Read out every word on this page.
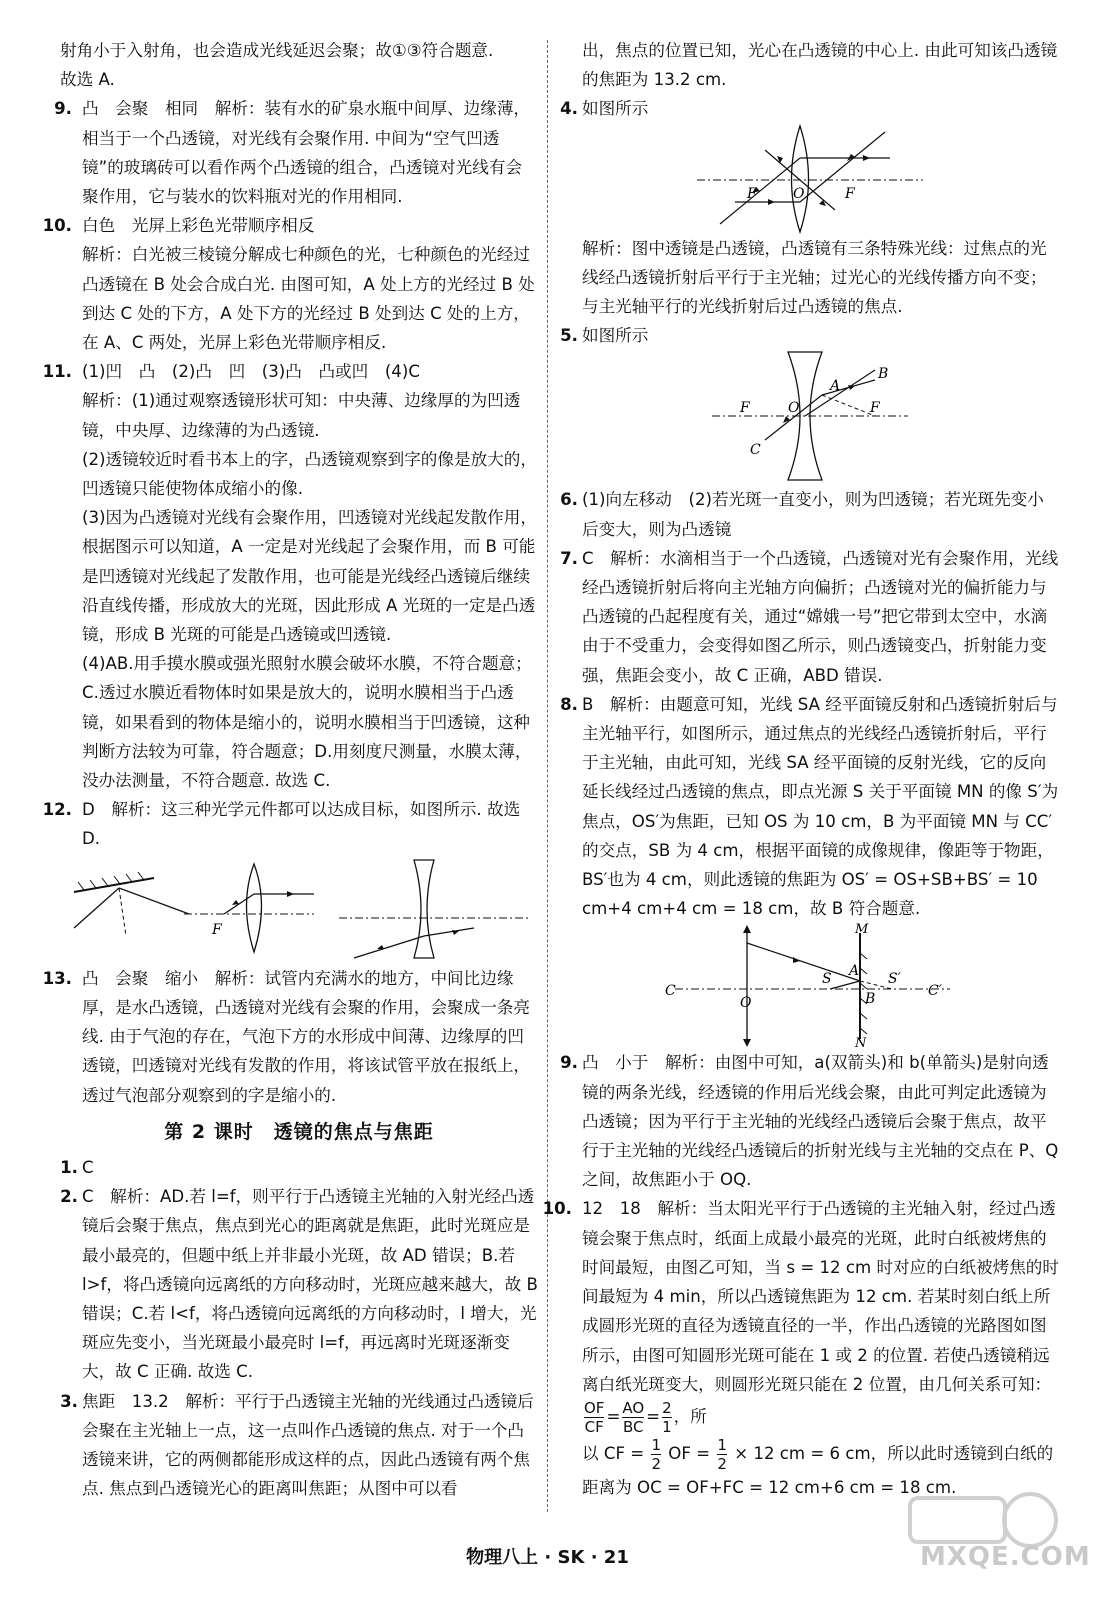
射角小于入射角，也会造成光线延迟会聚；故①③符合题意.

故选 A.

9. 凸　会聚　相同　解析：装有水的矿泉水瓶中间厚、边缘薄，相当于一个凸透镜，对光线有会聚作用. 中间为“空气凹透镜”的玻璃砖可以看作两个凸透镜的组合，凸透镜对光线有会聚作用，它与装水的饮料瓶对光的作用相同.

10. 白色　光屏上彩色光带顺序相反

解析：白光被三棱镜分解成七种颜色的光，七种颜色的光经过凸透镜在 B 处会合成白光. 由图可知，A 处上方的光经过 B 处到达 C 处的下方，A 处下方的光经过 B 处到达 C 处的上方，在 A、C 两处，光屏上彩色光带顺序相反.

11. (1)凹　凸　(2)凸　凹　(3)凸　凸或凹　(4)C

解析：(1)通过观察透镜形状可知：中央薄、边缘厚的为凹透镜，中央厚、边缘薄的为凸透镜.

(2)透镜较近时看书本上的字，凸透镜观察到字的像是放大的，凹透镜只能使物体成缩小的像.

(3)因为凸透镜对光线有会聚作用，凹透镜对光线起发散作用，根据图示可以知道，A 一定是对光线起了会聚作用，而 B 可能是凹透镜对光线起了发散作用，也可能是光线经凸透镜后继续沿直线传播，形成放大的光斑，因此形成 A 光斑的一定是凸透镜，形成 B 光斑的可能是凸透镜或凹透镜.

(4)AB.用手摸水膜或强光照射水膜会破坏水膜，不符合题意；C.透过水膜近看物体时如果是放大的，说明水膜相当于凸透镜，如果看到的物体是缩小的，说明水膜相当于凹透镜，这种判断方法较为可靠，符合题意；D.用刻度尺测量，水膜太薄，没办法测量，不符合题意. 故选 C.

12. D　解析：这三种光学元件都可以达成目标，如图所示. 故选 D.

F
13. 凸　会聚　缩小　解析：试管内充满水的地方，中间比边缘厚，是水凸透镜，凸透镜对光线有会聚的作用，会聚成一条亮线. 由于气泡的存在，气泡下方的水形成中间薄、边缘厚的凹透镜，凹透镜对光线有发散的作用，将该试管平放在报纸上，透过气泡部分观察到的字是缩小的.

第 2 课时　透镜的焦点与焦距
1. C

2. C　解析：AD.若 l=f，则平行于凸透镜主光轴的入射光经凸透镜后会聚于焦点，焦点到光心的距离就是焦距，此时光斑应是最小最亮的，但题中纸上并非最小光斑，故 AD 错误；B.若l>f，将凸透镜向远离纸的方向移动时，光斑应越来越大，故 B 错误；C.若 l<f，将凸透镜向远离纸的方向移动时，l 增大，光斑应先变小，当光斑最小最亮时 l=f，再远离时光斑逐渐变大，故 C 正确. 故选 C.

3. 焦距　13.2　解析：平行于凸透镜主光轴的光线通过凸透镜后会聚在主光轴上一点，这一点叫作凸透镜的焦点. 对于一个凸透镜来讲，它的两侧都能形成这样的点，因此凸透镜有两个焦点. 焦点到凸透镜光心的距离叫焦距；从图中可以看

出，焦点的位置已知，光心在凸透镜的中心上. 由此可知该凸透镜的焦距为 13.2 cm.

4. 如图所示

F	O	F

解析：图中透镜是凸透镜，凸透镜有三条特殊光线：过焦点的光线经凸透镜折射后平行于主光轴；过光心的光线传播方向不变；与主光轴平行的光线折射后过凸透镜的焦点.

5. 如图所示

F	O	F
A
B
C
6. (1)向左移动　(2)若光斑一直变小，则为凹透镜；若光斑先变小后变大，则为凸透镜

7. C　解析：水滴相当于一个凸透镜，凸透镜对光有会聚作用，光线经凸透镜折射后将向主光轴方向偏折；凸透镜对光的偏折能力与凸透镜的凸起程度有关，通过“嫦娥一号”把它带到太空中，水滴由于不受重力，会变得如图乙所示，则凸透镜变凸，折射能力变强，焦距会变小，故 C 正确，ABD 错误.

8. B　解析：由题意可知，光线 SA 经平面镜反射和凸透镜折射后与主光轴平行，如图所示，通过焦点的光线经凸透镜折射后，平行于主光轴，由此可知，光线 SA 经平面镜的反射光线，它的反向延长线经过凸透镜的焦点，即点光源 S 关于平面镜 MN 的像 S′为焦点，OS′为焦距，已知 OS 为 10 cm，B 为平面镜 MN 与 CC′的交点，SB 为 4 cm，根据平面镜的成像规律，像距等于物距，BS′也为 4 cm，则此透镜的焦距为 OS′ = OS+SB+BS′ = 10 cm+4 cm+4 cm = 18 cm，故 B 符合题意.

C
O
S A
B
S′
C′
M
N
9. 凸　小于　解析：由图中可知，a(双箭头)和 b(单箭头)是射向透镜的两条光线，经透镜的作用后光线会聚，由此可判定此透镜为凸透镜；因为平行于主光轴的光线经凸透镜后会聚于焦点，故平行于主光轴的光线经凸透镜后的折射光线与主光轴的交点在 P、Q 之间，故焦距小于 OQ.

10. 12　18　解析：当太阳光平行于凸透镜的主光轴入射，经过凸透镜会聚于焦点时，纸面上成最小最亮的光斑，此时白纸被烤焦的时间最短，由图乙可知，当 s = 12 cm 时对应的白纸被烤焦的时间最短为 4 min，所以凸透镜焦距为 12 cm. 若某时刻白纸上所成圆形光斑的直径为透镜直径的一半，作出凸透镜的光路图如图所示，由图可知圆形光斑可能在 1 或 2 的位置. 若使凸透镜稍远离白纸光斑变大，则圆形光斑只能在 2 位置，由几何关系可知：
$\frac{OF}{CF} = \frac{AO}{BC} = \frac{2}{1}$ ，所

以 CF = $\frac{1}{2}$ OF = $\frac{1}{2} \times 12$ cm = 6 cm，所以此时透镜到白纸的

距离为 OC = OF+FC = 12 cm+6 cm = 18 cm.

物理八上 · SK · 21	MXQE.COM
